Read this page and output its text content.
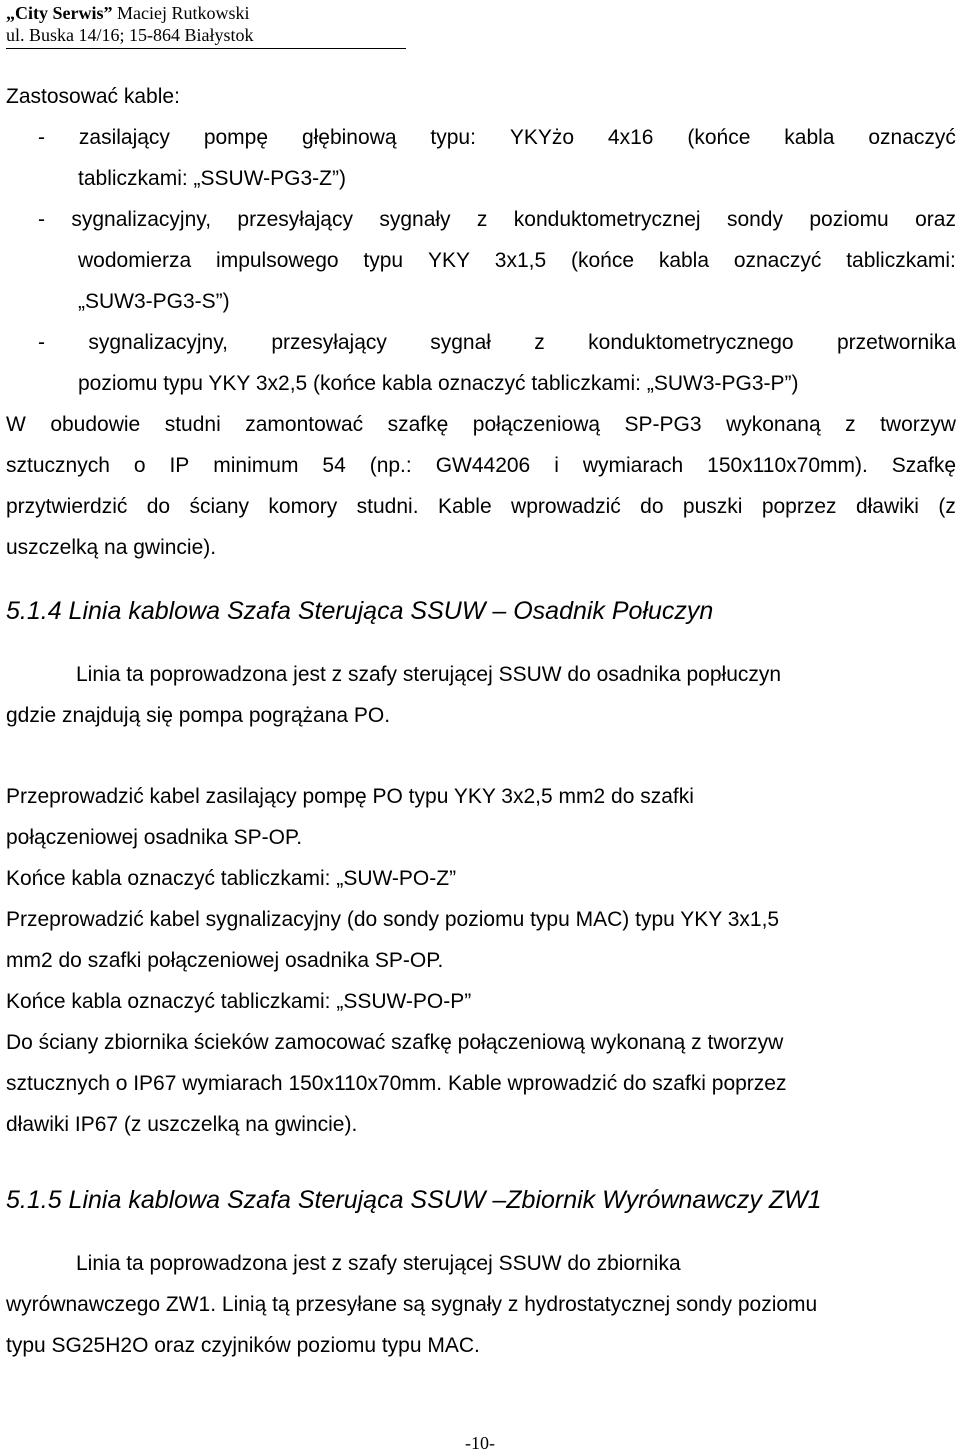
„City Serwis” Maciej Rutkowski
ul. Buska 14/16; 15-864 Białystok
Zastosować kable:
- zasilający pompę głębinową typu: YKYżo 4x16 (końce kabla oznaczyć
tabliczkami: „SSUW-PG3-Z”)
- sygnalizacyjny, przesyłający sygnały z konduktometrycznej sondy poziomu oraz
wodomierza impulsowego typu YKY 3x1,5 (końce kabla oznaczyć tabliczkami:
„SUW3-PG3-S”)
- sygnalizacyjny, przesyłający sygnał z konduktometrycznego przetwornika
poziomu typu YKY 3x2,5 (końce kabla oznaczyć tabliczkami: „SUW3-PG3-P”)
W obudowie studni zamontować szafkę połączeniową SP-PG3 wykonaną z tworzyw
sztucznych o IP minimum 54 (np.: GW44206 i wymiarach 150x110x70mm). Szafkę
przytwierdzić do ściany komory studni. Kable wprowadzić do puszki poprzez dławiki (z
uszczelką na gwincie).
5.1.4 Linia kablowa Szafa Sterująca SSUW – Osadnik Połuczyn
Linia ta poprowadzona jest z szafy sterującej SSUW do osadnika popłuczyn
gdzie znajdują się pompa pogrążana PO.
Przeprowadzić kabel zasilający pompę PO typu YKY 3x2,5 mm2 do szafki
połączeniowej osadnika SP-OP.
Końce kabla oznaczyć tabliczkami: „SUW-PO-Z”
Przeprowadzić kabel sygnalizacyjny (do sondy poziomu typu MAC) typu YKY 3x1,5
mm2 do szafki połączeniowej osadnika SP-OP.
Końce kabla oznaczyć tabliczkami: „SSUW-PO-P”
Do ściany zbiornika ścieków zamocować szafkę połączeniową wykonaną z tworzyw
sztucznych o IP67 wymiarach 150x110x70mm. Kable wprowadzić do szafki poprzez
dławiki IP67 (z uszczelką na gwincie).
5.1.5 Linia kablowa Szafa Sterująca SSUW –Zbiornik Wyrównawczy ZW1
Linia ta poprowadzona jest z szafy sterującej SSUW do zbiornika
wyrównawczego ZW1. Linią tą przesyłane są sygnały z hydrostatycznej sondy poziomu
typu SG25H2O oraz czyjników poziomu typu MAC.
-10-
